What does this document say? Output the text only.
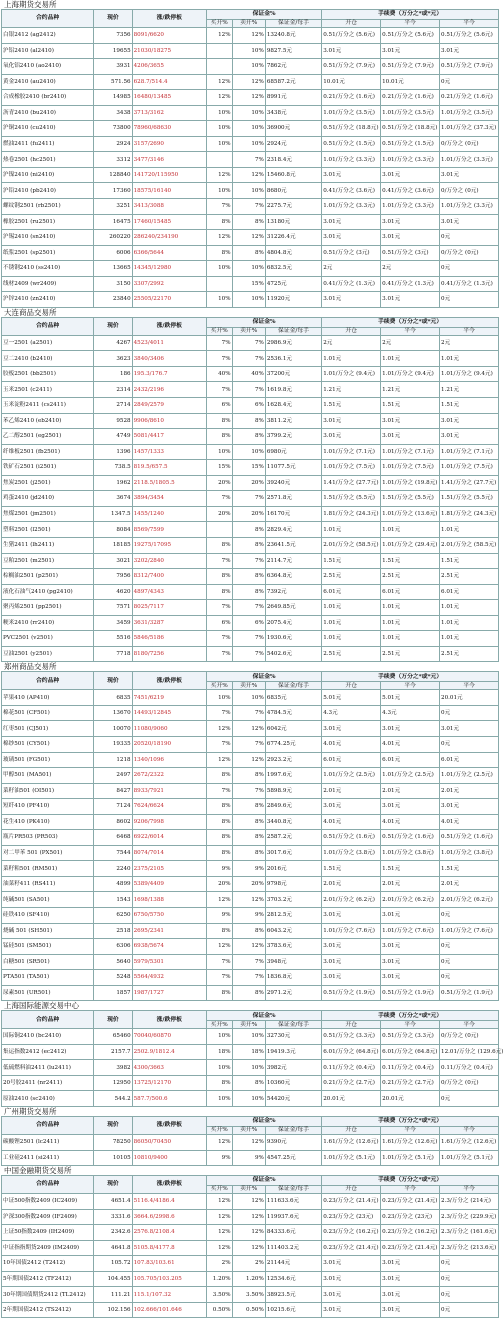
上海期货交易所
合约品种	现价	涨/跌停板	保证金%			手续费（万分之*或*元）		
			买开%	卖开%	保证金/每手	开仓	平今	平今
白银2412 (ag2412)	7356	8091/6620	12%	12%	13240.8元	0.51/万分之 (5.6元)	0.51/万分之 (5.6元)	0.51/万分之 (5.6元)
沪铝2410 (al2410)	19655	21030/18275		10%	9827.5元	3.01元	3.01元	3.01元
氧化铝2410 (ao2410)	3931	4206/3655		10%	7862元	0.51/万分之 (7.9元)	0.51/万分之 (7.9元)	0.51/万分之 (7.9元)
黄金2410 (au2410)	571.56	628.7/514.4	12%	12%	68587.2元	10.01元	10.01元	0元
合成橡胶2410 (br2410)	14985	16480/13485	12%	12%	8991元	0.21/万分之 (1.6元)	0.21/万分之 (1.6元)	0.21/万分之 (1.6元)
沥青2410 (bu2410)	3438	3713/3162	10%	10%	3438元	1.01/万分之 (3.5元)	1.01/万分之 (3.5元)	1.01/万分之 (3.5元)
沪铜2410 (cu2410)	73800	78960/68630	10%	10%	36900元	0.51/万分之 (18.8元)	0.51/万分之 (18.8元)	1.01/万分之 (37.3元)
燃油2411 (fu2411)	2924	3157/2690	10%	10%	2924元	0.51/万分之 (1.5元)	0.51/万分之 (1.5元)	0/万分之 (0元)
热卷2501 (hc2501)	3312	3477/3146		7%	2318.4元	1.01/万分之 (3.3元)	1.01/万分之 (3.3元)	1.01/万分之 (3.3元)
沪镍2410 (ni2410)	128840	141720/115950	12%	12%	15460.8元	3.01元	3.01元	3.01元
沪铅2410 (pb2410)	17360	18575/16140	10%	10%	8680元	0.41/万分之 (3.6元)	0.41/万分之 (3.6元)	0/万分之 (0元)
螺纹钢2501 (rb2501)	3251	3413/3088	7%	7%	2275.7元	1.01/万分之 (3.3元)	1.01/万分之 (3.3元)	1.01/万分之 (3.3元)
橡胶2501 (ru2501)	16475	17460/15485	8%	8%	13180元	3.01元	3.01元	3.01元
沪锡2410 (sn2410)	260220	286240/234190	12%	12%	31226.4元	3.01元	3.01元	0元
纸浆2501 (sp2501)	6006	6366/5644	8%	8%	4804.8元	0.51/万分之 (3元)	0.51/万分之 (3元)	0/万分之 (0元)
不锈钢2410 (ss2410)	13665	14345/12980	10%	10%	6832.5元	2元	2元	0元
线材2409 (wr2409)	3150	3307/2992		15%	4725元	0.41/万分之 (1.3元)	0.41/万分之 (1.3元)	0.41/万分之 (1.3元)
沪锌2410 (zn2410)	23840	25505/22170	10%	10%	11920元	3.01元	3.01元	0元
大连商品交易所
合约品种	现价	涨/跌停板	保证金%			手续费（万分之*或*元）		
			买开%	卖开%	保证金/每手	开仓	平今	平今
豆一2501 (a2501)	4267	4523/4011	7%	7%	2986.9元	2元	2元	2元
豆二2410 (b2410)	3623	3840/3406	7%	7%	2536.1元	1.01元	1.01元	1.01元
胶板2501 (bb2501)	186	195.3/176.7	40%	40%	37200元	1.01/万分之 (9.4元)	1.01/万分之 (9.4元)	1.01/万分之 (9.4元)
玉米2501 (c2411)	2314	2432/2196	7%	7%	1619.8元	1.21元	1.21元	1.21元
玉米淀粉2411 (cs2411)	2714	2849/2579	6%	6%	1628.4元	1.51元	1.51元	1.51元
苯乙烯2410 (eb2410)	9528	9906/8610	8%	8%	3811.2元	3.01元	3.01元	3.01元
乙二醇2501 (eg2501)	4749	5081/4417	8%	8%	3799.2元	3.01元	3.01元	3.01元
纤维板2501 (fb2501)	1396	1457/1333	10%	10%	6980元	1.01/万分之 (7.1元)	1.01/万分之 (7.1元)	1.01/万分之 (7.1元)
铁矿石2501 (i2501)	738.5	819.5/657.5	15%	15%	11077.5元	1.01/万分之 (7.5元)	1.01/万分之 (7.5元)	1.01/万分之 (7.5元)
焦炭2501 (j2501)	1962	2118.5/1805.5	20%	20%	39240元	1.41/万分之 (27.7元)	1.01/万分之 (19.8元)	1.41/万分之 (27.7元)
鸡蛋2410 (jd2410)	3674	3894/3454	7%	7%	2571.8元	1.51/万分之 (5.5元)	1.51/万分之 (5.5元)	1.51/万分之 (5.5元)
焦煤2501 (jm2501)	1347.5	1455/1240	20%	20%	16170元	1.81/万分之 (24.3元)	1.01/万分之 (13.6元)	1.81/万分之 (24.3元)
塑料2501 (l2501)	8084	8569/7599		8%	2829.4元	1.01元	1.01元	1.01元
生猪2411 (lh2411)	18185	19275/17095	8%	8%	23641.5元	2.01/万分之 (58.5元)	1.01/万分之 (29.4元)	2.01/万分之 (58.5元)
豆粕2501 (m2501)	3021	3202/2840	7%	7%	2114.7元	1.51元	1.51元	1.51元
棕榈油2501 (p2501)	7956	8312/7400	8%	8%	6364.8元	2.51元	2.51元	2.51元
液化石油气2410 (pg2410)	4620	4897/4343	8%	8%	7392元	6.01元	6.01元	6.01元
聚丙烯2501 (pp2501)	7571	8025/7117	7%	7%	2649.85元	1.01元	1.01元	1.01元
粳米2410 (rr2410)	3459	3631/3287	6%	6%	2075.4元	1.01元	1.01元	1.01元
PVC2501 (v2501)	5516	5846/5186	7%	7%	1930.6元	1.01元	1.01元	1.01元
豆油2501 (y2501)	7718	8180/7256	7%	7%	5402.6元	2.51元	2.51元	2.51元
郑州商品交易所
合约品种	现价	涨/跌停板	保证金%			手续费（万分之*或*元）		
			买开%	卖开%	保证金/每手	开仓	平今	平今
苹果410 (AP410)	6835	7451/6219	10%	10%	6835元	5.01元	5.01元	20.01元
棉花501 (CF501)	13670	14493/12845	7%	7%	4784.5元	4.3元	4.3元	0元
红枣501 (CJ501)	10070	11080/9060	12%	12%	6042元	3.01元	3.01元	3.01元
棉纱501 (CY501)	19335	20520/18190	7%	7%	6774.25元	4.01元	4.01元	0元
玻璃501 (FG501)	1218	1340/1096	12%	12%	2923.2元	6.01元	6.01元	6.01元
甲醇501 (MA501)	2497	2672/2322	8%	8%	1997.6元	1.01/万分之 (2.5元)	1.01/万分之 (2.5元)	1.01/万分之 (2.5元)
菜籽油501 (OI501)	8427	8933/7921	7%	7%	5898.9元	2.01元	2.01元	2.01元
短纤410 (PF410)	7124	7624/6624	8%	8%	2849.6元	3.01元	3.01元	3.01元
花生410 (PK410)	8602	9206/7998	8%	8%	3440.8元	4.01元	4.01元	4.01元
瓶片PR503 (PR503)	6468	6922/6014	8%	8%	2587.2元	0.51/万分之 (1.6元)	0.51/万分之 (1.6元)	0.51/万分之 (1.6元)
对二甲苯 501 (PX501)	7544	8074/7014	8%	8%	3017.6元	1.01/万分之 (3.8元)	1.01/万分之 (3.8元)	1.01/万分之 (3.8元)
菜籽粕501 (RM501)	2240	2375/2105	9%	9%	2016元	1.51元	1.51元	1.51元
油菜籽411 (RS411)	4899	5389/4409	20%	20%	9798元	2.01元	2.01元	2.01元
纯碱501 (SA501)	1543	1698/1388	12%	12%	3703.2元	2.01/万分之 (6.2元)	2.01/万分之 (6.2元)	2.01/万分之 (6.2元)
硅铁410 (SF410)	6250	6750/5750	9%	9%	2812.5元	3.01元	3.01元	0元
烧碱 501 (SH501)	2518	2695/2341	8%	8%	6043.2元	1.01/万分之 (7.6元)	1.01/万分之 (7.6元)	1.01/万分之 (7.6元)
锰硅501 (SM501)	6306	6938/5674	12%	12%	3783.6元	3.01元	3.01元	0元
白糖501 (SR501)	5640	5979/5301	7%	7%	3948元	3.01元	3.01元	0元
PTA501 (TA501)	5248	5564/4932	7%	7%	1836.8元	3.01元	3.01元	0元
尿素501 (UR501)	1857	1987/1727	8%	8%	2971.2元	0.51/万分之 (1.9元)	0.51/万分之 (1.9元)	0.51/万分之 (1.9元)
上海国际能源交易中心
合约品种	现价	涨/跌停板	保证金%			手续费（万分之*或*元）		
			买开%	卖开%	保证金/每手	开仓	平今	平今
国际铜2410 (bc2410)	65460	70040/60870	10%	10%	32730元	0.51/万分之 (3.3元)	0.51/万分之 (3.3元)	0/万分之 (0元)
集运指数2412 (ec2412)	2157.7	2502.9/1812.4	18%	18%	19419.3元	6.01/万分之 (64.8元)	6.01/万分之 (64.8元)	12.01/万分之 (129.6元)
低硫燃料油2411 (lu2411)	3982	4300/3663	10%	10%	3982元	0.11/万分之 (0.4元)	0.11/万分之 (0.4元)	0.11/万分之 (0.4元)
20号胶2411 (nr2411)	12950	13725/12170	8%	8%	10360元	0.21/万分之 (2.7元)	0.21/万分之 (2.7元)	0/万分之 (0元)
原油2410 (sc2410)	544.2	587.7/500.6	10%	10%	54420元	20.01元	20.01元	0元
广州期货交易所
合约品种	现价	涨/跌停板	保证金%			手续费（万分之*或*元）		
			买开%	卖开%	保证金/每手	开仓	平今	平今
碳酸锂2501 (lc2411)	78250	86050/70450	12%	12%	9390元	1.61/万分之 (12.6元)	1.61/万分之 (12.6元)	1.61/万分之 (12.6元)
工业硅2411 (si2411)	10105	10810/9400	9%	9%	4547.25元	1.01/万分之 (5.1元)	1.01/万分之 (5.1元)	1.01/万分之 (5.1元)
中国金融期货交易所
合约品种	现价	涨/跌停板	保证金%			手续费（万分之*或*元）		
			买开%	卖开%	保证金/每手	开仓	平今	平今
中证500指数2409 (IC2409)	4651.4	5116.4/4186.4	12%	12%	111633.6元	0.23/万分之 (21.4元)	0.23/万分之 (21.4元)	2.3/万分之 (214元)
沪深300指数2409 (IF2409)	3331.6	3664.6/2998.6	12%	12%	119937.6元	0.23/万分之 (23元)	0.23/万分之 (23元)	2.3/万分之 (229.9元)
上证50指数2409 (IH2409)	2342.6	2576.8/2108.4	12%	12%	84333.6元	0.23/万分之 (16.2元)	0.23/万分之 (16.2元)	2.3/万分之 (161.6元)
中证指指期货2409 (IM2409)	4641.8	5105.8/4177.8	12%	12%	111403.2元	0.23/万分之 (21.4元)	0.23/万分之 (21.4元)	2.3/万分之 (213.6元)
10年国债2412 (T2412)	105.72	107.83/103.61	2%	2%	21144元	3.01元	3.01元	0元
5年期国债2412 (TF2412)	104.455	105.705/103.205	1.20%	1.20%	12534.6元	3.01元	3.01元	0元
30年期国债期货2412 (TL2412)	111.21	115.1/107.32	3.50%	3.50%	38923.5元	3.01元	3.01元	0元
2年期国债2412 (TS2412)	102.156	102.666/101.646	0.50%	0.50%	10215.6元	3.01元	3.01元	0元
